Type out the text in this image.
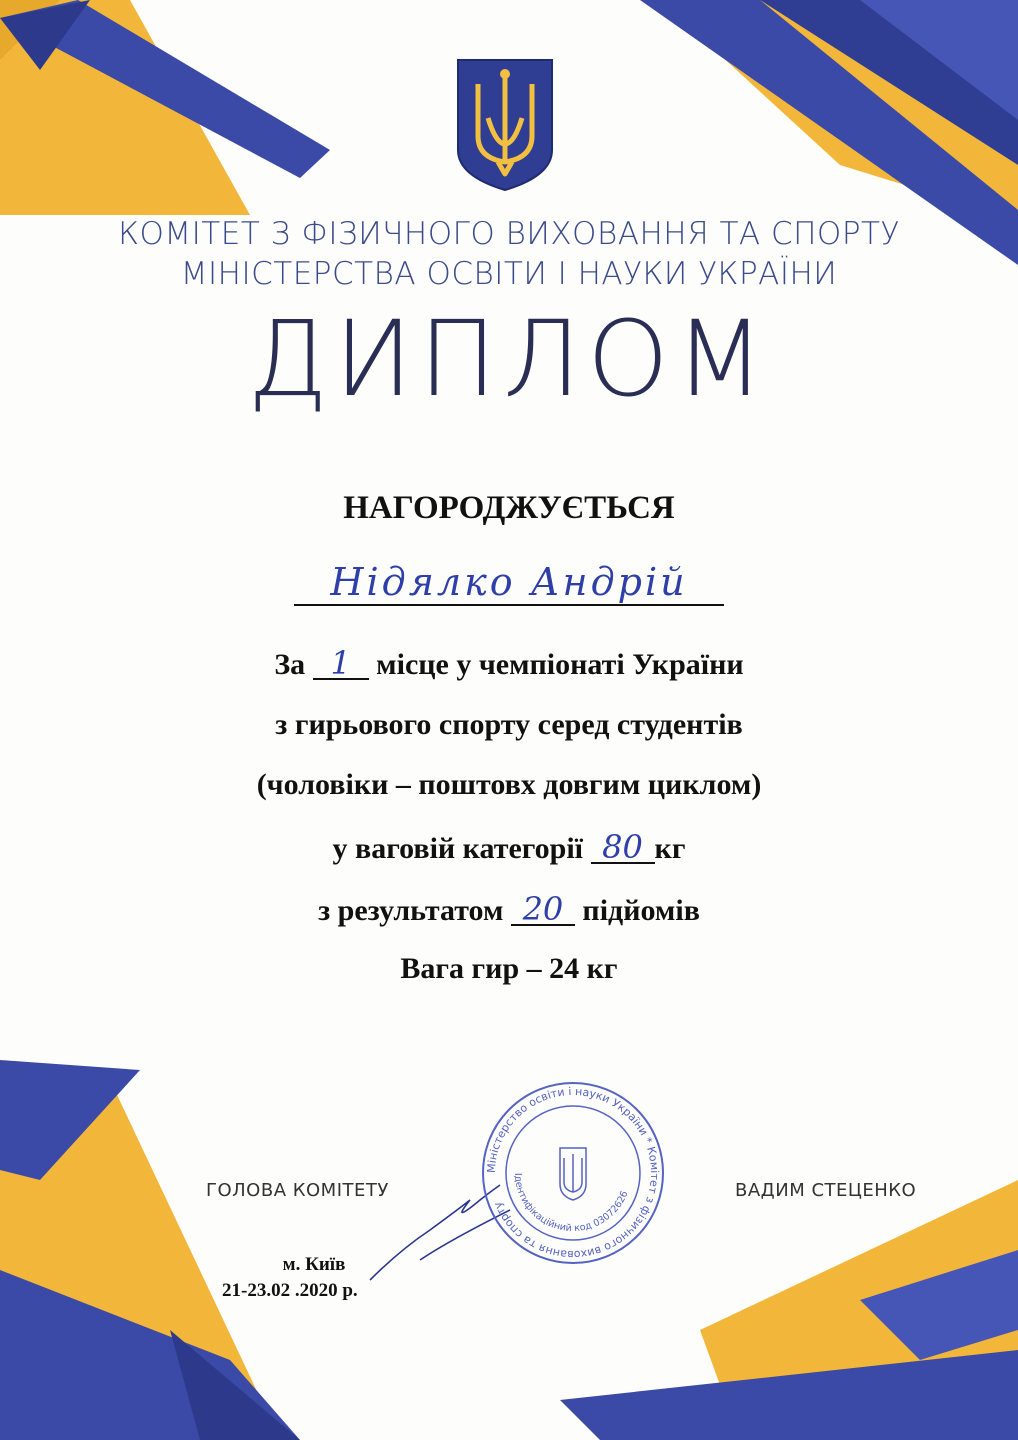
КОМІТЕТ З ФІЗИЧНОГО ВИХОВАННЯ ТА СПОРТУ
МІНІСТЕРСТВА ОСВІТИ І НАУКИ УКРАЇНИ
ДИПЛОМ
НАГОРОДЖУЄТЬСЯ
Нідялко Андрій
За 1 місце у чемпіонаті України
з гирьового спорту серед студентів
(чоловіки – поштовх довгим циклом)
у ваговій категорії 80 кг
з результатом 20 підйомів
Вага гир – 24 кг
ГОЛОВА КОМІТЕТУ	ВАДИМ СТЕЦЕНКО
Міністерство освіти і науки України * Комітет з фізичного виховання та спорту
Ідентифікаційний код 03072626
м. Київ
21-23.02 .2020 р.
